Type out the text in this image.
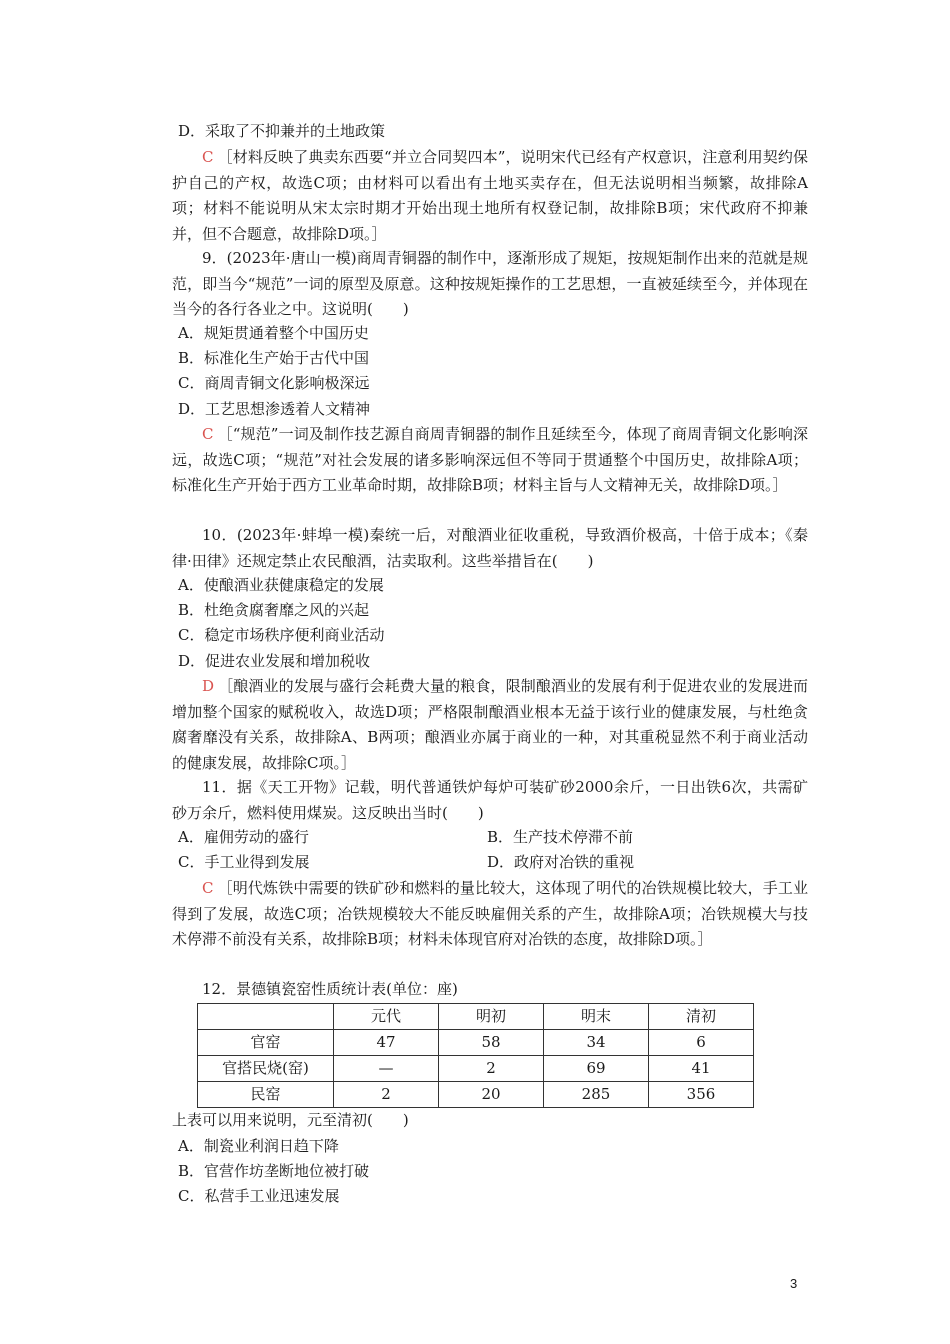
D．采取了不抑兼并的土地政策

C ［材料反映了典卖东西要“并立合同契四本”，说明宋代已经有产权意识，注意利用契约保护自己的产权，故选C项；由材料可以看出有土地买卖存在，但无法说明相当频繁，故排除A项；材料不能说明从宋太宗时期才开始出现土地所有权登记制，故排除B项；宋代政府不抑兼并，但不合题意，故排除D项。］

9．(2023年·唐山一模)商周青铜器的制作中，逐渐形成了规矩，按规矩制作出来的范就是规范，即当今“规范”一词的原型及原意。这种按规矩操作的工艺思想，一直被延续至今，并体现在当今的各行各业之中。这说明(　　)

A．规矩贯通着整个中国历史

B．标准化生产始于古代中国

C．商周青铜文化影响极深远

D．工艺思想渗透着人文精神

C ［“规范”一词及制作技艺源自商周青铜器的制作且延续至今，体现了商周青铜文化影响深远，故选C项；“规范”对社会发展的诸多影响深远但不等同于贯通整个中国历史，故排除A项；标准化生产开始于西方工业革命时期，故排除B项；材料主旨与人文精神无关，故排除D项。］

10．(2023年·蚌埠一模)秦统一后，对酿酒业征收重税，导致酒价极高，十倍于成本；《秦律·田律》还规定禁止农民酿酒，沽卖取利。这些举措旨在(　　)

A．使酿酒业获健康稳定的发展

B．杜绝贪腐奢靡之风的兴起

C．稳定市场秩序便利商业活动

D．促进农业发展和增加税收

D ［酿酒业的发展与盛行会耗费大量的粮食，限制酿酒业的发展有利于促进农业的发展进而增加整个国家的赋税收入，故选D项；严格限制酿酒业根本无益于该行业的健康发展，与杜绝贪腐奢靡没有关系，故排除A、B两项；酿酒业亦属于商业的一种，对其重税显然不利于商业活动的健康发展，故排除C项。］

11．据《天工开物》记载，明代普通铁炉每炉可装矿砂2000余斤，一日出铁6次，共需矿砂万余斤，燃料使用煤炭。这反映出当时(　　)

A．雇佣劳动的盛行	B．生产技术停滞不前
C．手工业得到发展	D．政府对冶铁的重视

C ［明代炼铁中需要的铁矿砂和燃料的量比较大，这体现了明代的冶铁规模比较大，手工业得到了发展，故选C项；冶铁规模较大不能反映雇佣关系的产生，故排除A项；冶铁规模大与技术停滞不前没有关系，故排除B项；材料未体现官府对冶铁的态度，故排除D项。］

12．景德镇瓷窑性质统计表(单位：座)

	元代	明初	明末	清初
官窑	47	58	34	6
官搭民烧(窑)	—	2	69	41
民窑	2	20	285	356

上表可以用来说明，元至清初(　　)

A．制瓷业利润日趋下降

B．官营作坊垄断地位被打破

C．私营手工业迅速发展

3
